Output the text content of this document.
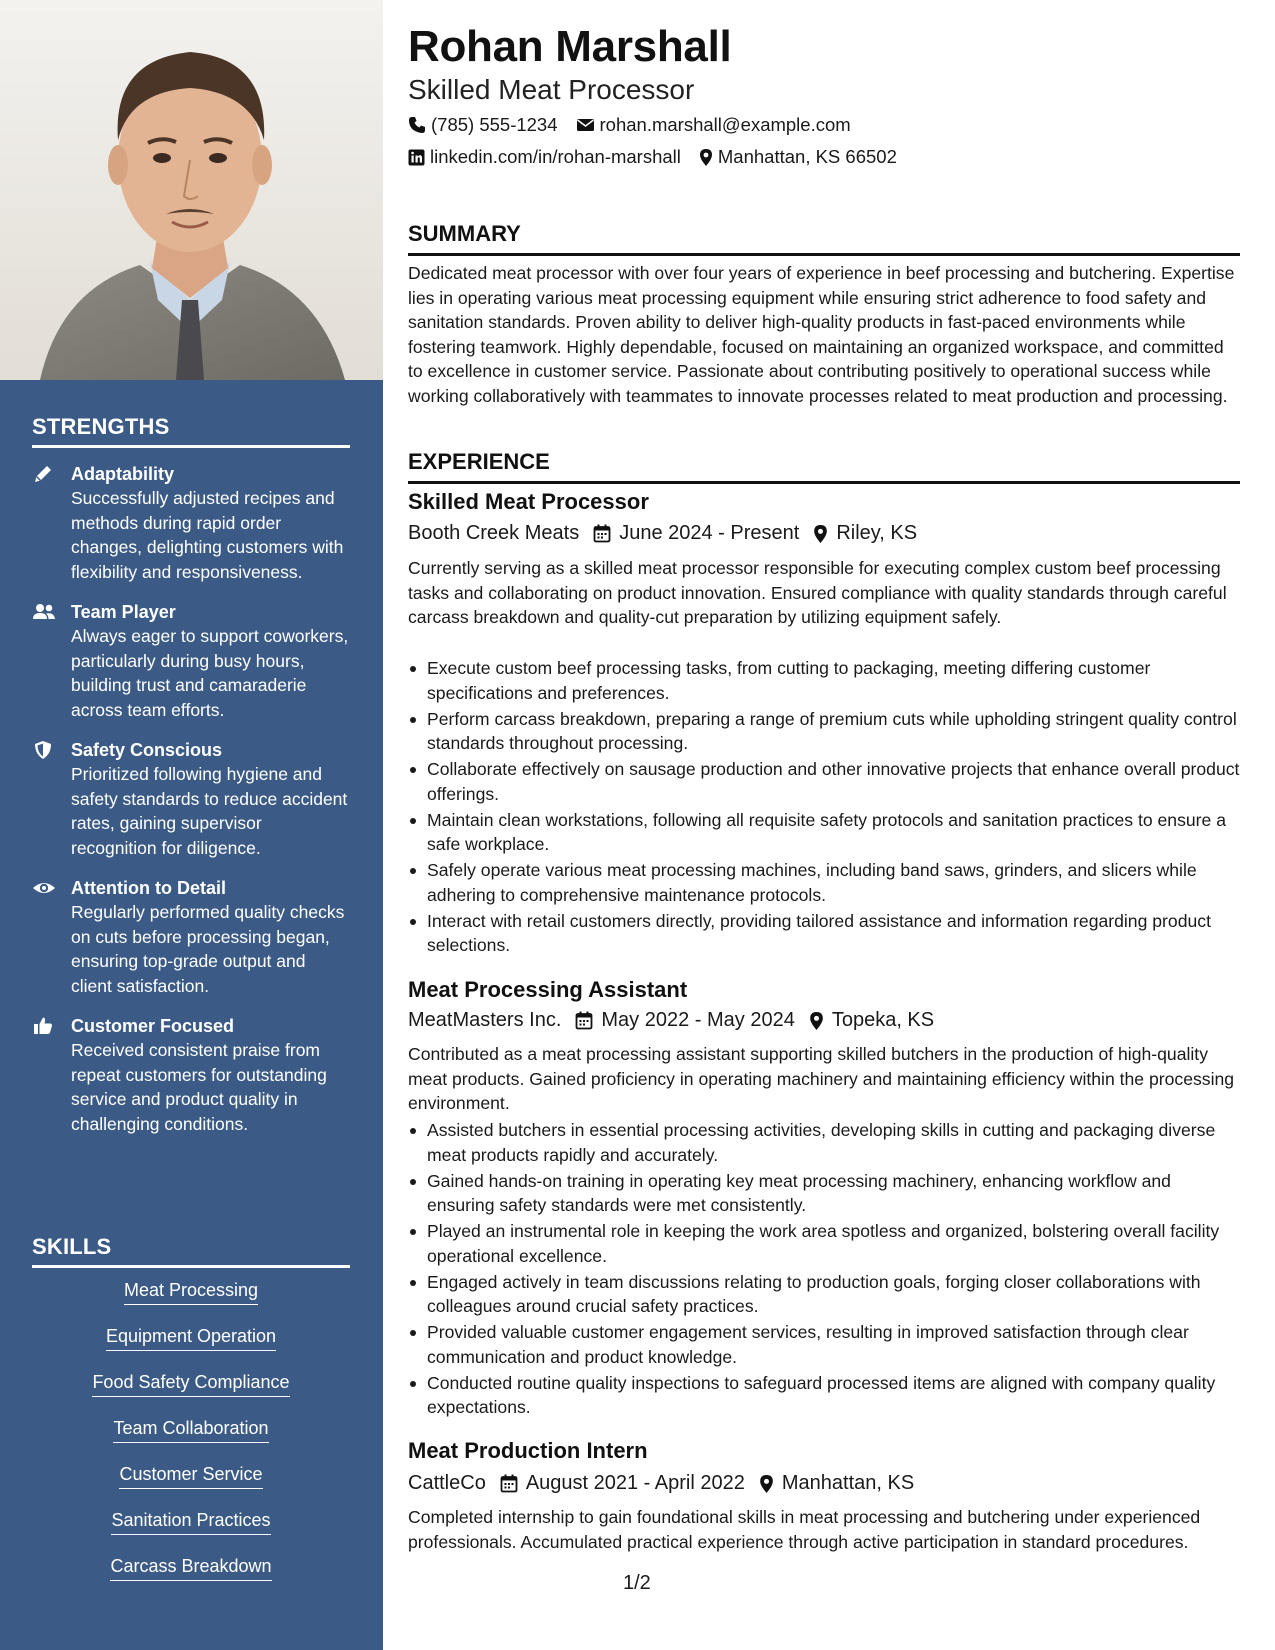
STRENGTHS
Adaptability
Successfully adjusted recipes and methods during rapid order changes, delighting customers with flexibility and responsiveness.
Team Player
Always eager to support coworkers, particularly during busy hours, building trust and camaraderie across team efforts.
Safety Conscious
Prioritized following hygiene and safety standards to reduce accident rates, gaining supervisor recognition for diligence.
Attention to Detail
Regularly performed quality checks on cuts before processing began, ensuring top-grade output and client satisfaction.
Customer Focused
Received consistent praise from repeat customers for outstanding service and product quality in challenging conditions.
SKILLS
Meat Processing
Equipment Operation
Food Safety Compliance
Team Collaboration
Customer Service
Sanitation Practices
Carcass Breakdown
Rohan Marshall
Skilled Meat Processor
(785) 555-1234 rohan.marshall@example.com
linkedin.com/in/rohan-marshall Manhattan, KS 66502
SUMMARY
Dedicated meat processor with over four years of experience in beef processing and butchering. Expertise lies in operating various meat processing equipment while ensuring strict adherence to food safety and sanitation standards. Proven ability to deliver high-quality products in fast-paced environments while fostering teamwork. Highly dependable, focused on maintaining an organized workspace, and committed to excellence in customer service. Passionate about contributing positively to operational success while working collaboratively with teammates to innovate processes related to meat production and processing.
EXPERIENCE
Skilled Meat Processor
Booth Creek Meats June 2024 - Present Riley, KS
Currently serving as a skilled meat processor responsible for executing complex custom beef processing tasks and collaborating on product innovation. Ensured compliance with quality standards through careful carcass breakdown and quality-cut preparation by utilizing equipment safely.
Execute custom beef processing tasks, from cutting to packaging, meeting differing customer specifications and preferences.
Perform carcass breakdown, preparing a range of premium cuts while upholding stringent quality control standards throughout processing.
Collaborate effectively on sausage production and other innovative projects that enhance overall product offerings.
Maintain clean workstations, following all requisite safety protocols and sanitation practices to ensure a safe workplace.
Safely operate various meat processing machines, including band saws, grinders, and slicers while adhering to comprehensive maintenance protocols.
Interact with retail customers directly, providing tailored assistance and information regarding product selections.
Meat Processing Assistant
MeatMasters Inc. May 2022 - May 2024 Topeka, KS
Contributed as a meat processing assistant supporting skilled butchers in the production of high-quality meat products. Gained proficiency in operating machinery and maintaining efficiency within the processing environment.
Assisted butchers in essential processing activities, developing skills in cutting and packaging diverse meat products rapidly and accurately.
Gained hands-on training in operating key meat processing machinery, enhancing workflow and ensuring safety standards were met consistently.
Played an instrumental role in keeping the work area spotless and organized, bolstering overall facility operational excellence.
Engaged actively in team discussions relating to production goals, forging closer collaborations with colleagues around crucial safety practices.
Provided valuable customer engagement services, resulting in improved satisfaction through clear communication and product knowledge.
Conducted routine quality inspections to safeguard processed items are aligned with company quality expectations.
Meat Production Intern
CattleCo August 2021 - April 2022 Manhattan, KS
Completed internship to gain foundational skills in meat processing and butchering under experienced professionals. Accumulated practical experience through active participation in standard procedures.
1/2
